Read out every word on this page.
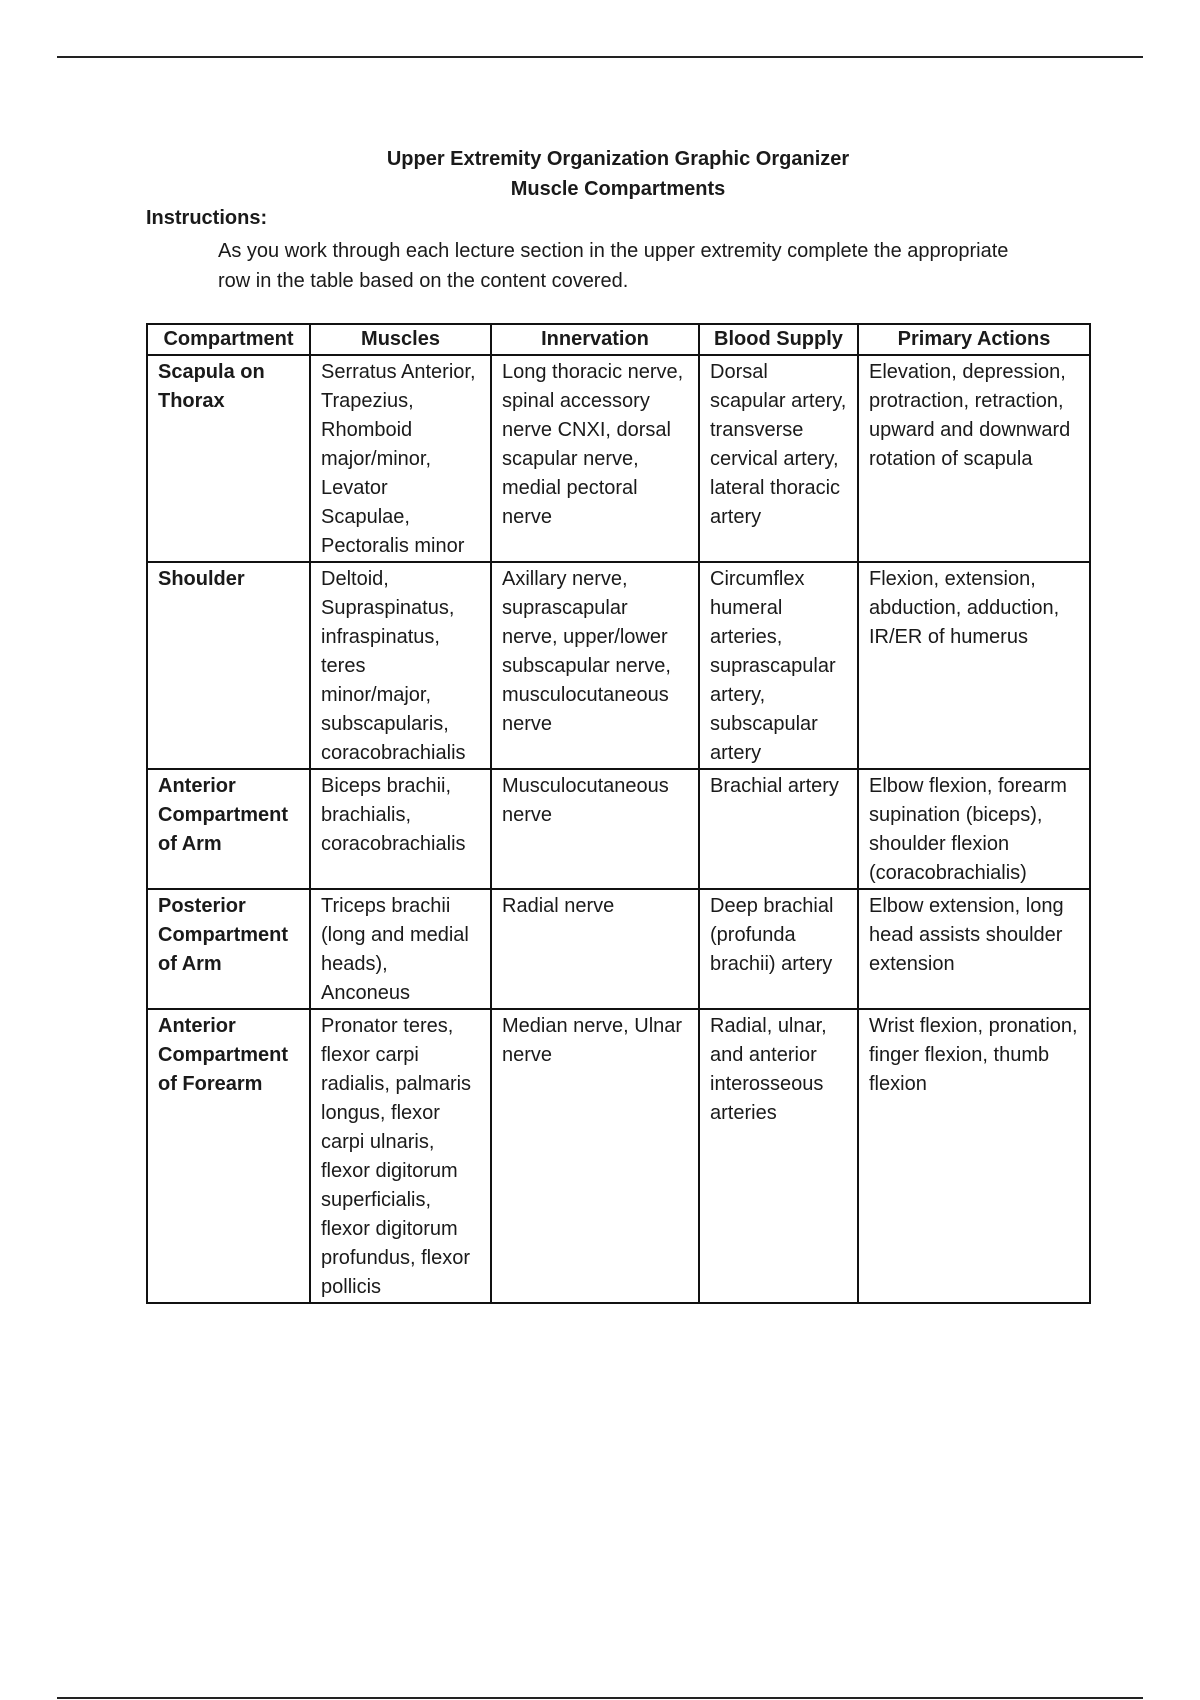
Upper Extremity Organization Graphic Organizer
Muscle Compartments
Instructions:
As you work through each lecture section in the upper extremity complete the appropriate row in the table based on the content covered.
Compartment	Muscles	Innervation	Blood Supply	Primary Actions
Scapula on Thorax	Serratus Anterior, Trapezius, Rhomboid major/minor, Levator Scapulae, Pectoralis minor	Long thoracic nerve, spinal accessory nerve CNXI, dorsal scapular nerve, medial pectoral nerve	Dorsal scapular artery, transverse cervical artery, lateral thoracic artery	Elevation, depression, protraction, retraction, upward and downward rotation of scapula
Shoulder	Deltoid, Supraspinatus, infraspinatus, teres minor/major, subscapularis, coracobrachialis	Axillary nerve, suprascapular nerve, upper/lower subscapular nerve, musculocutaneous nerve	Circumflex humeral arteries, suprascapular artery, subscapular artery	Flexion, extension, abduction, adduction, IR/ER of humerus
Anterior Compartment of Arm	Biceps brachii, brachialis, coracobrachialis	Musculocutaneous nerve	Brachial artery	Elbow flexion, forearm supination (biceps), shoulder flexion (coracobrachialis)
Posterior Compartment of Arm	Triceps brachii (long and medial heads), Anconeus	Radial nerve	Deep brachial (profunda brachii) artery	Elbow extension, long head assists shoulder extension
Anterior Compartment of Forearm	Pronator teres, flexor carpi radialis, palmaris longus, flexor carpi ulnaris, flexor digitorum superficialis, flexor digitorum profundus, flexor pollicis	Median nerve, Ulnar nerve	Radial, ulnar, and anterior interosseous arteries	Wrist flexion, pronation, finger flexion, thumb flexion
